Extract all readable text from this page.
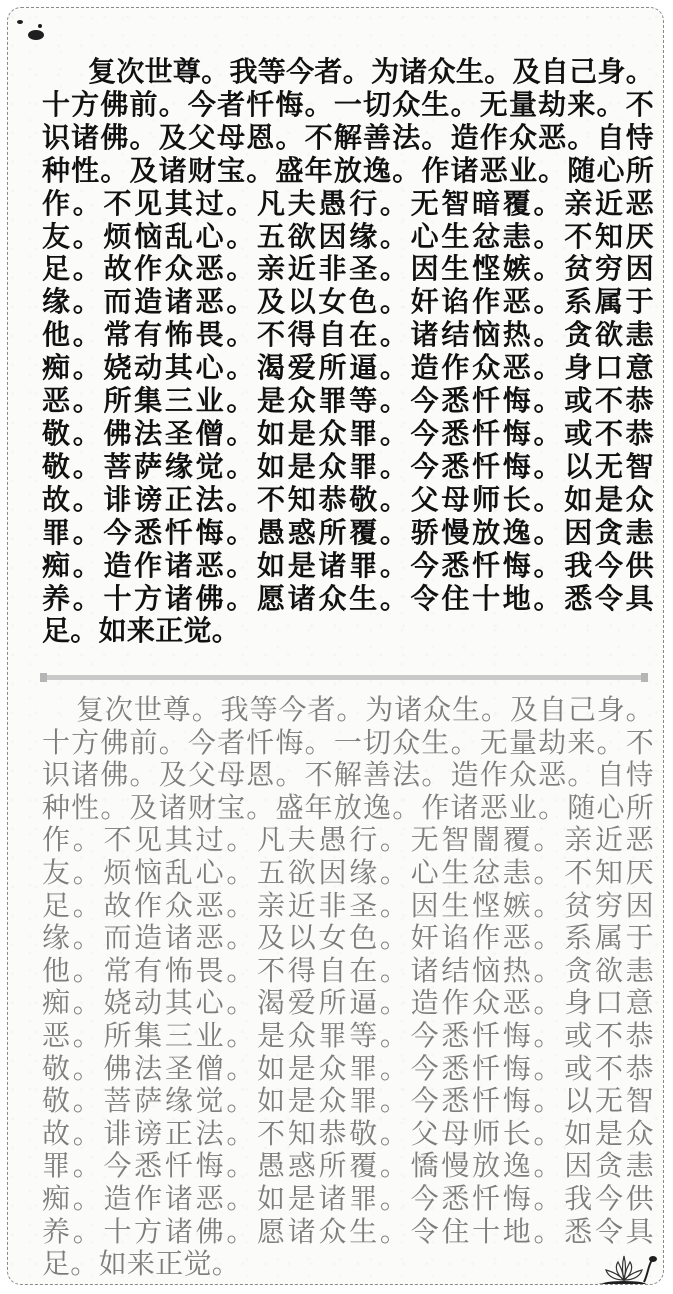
复次世尊。我等今者。为诸众生。及自己身。十方佛前。今者忏悔。一切众生。无量劫来。不识诸佛。及父母恩。不解善法。造作众恶。自恃种性。及诸财宝。盛年放逸。作诸恶业。随心所作。不见其过。凡夫愚行。无智暗覆。亲近恶友。烦恼乱心。五欲因缘。心生忿恚。不知厌足。故作众恶。亲近非圣。因生悭嫉。贫穷因缘。而造诸恶。及以女色。奸谄作恶。系属于他。常有怖畏。不得自在。诸结恼热。贪欲恚痴。娆动其心。渴爱所逼。造作众恶。身口意恶。所集三业。是众罪等。今悉忏悔。或不恭敬。佛法圣僧。如是众罪。今悉忏悔。或不恭敬。菩萨缘觉。如是众罪。今悉忏悔。以无智故。诽谤正法。不知恭敬。父母师长。如是众罪。今悉忏悔。愚惑所覆。骄慢放逸。因贪恚痴。造作诸恶。如是诸罪。今悉忏悔。我今供养。十方诸佛。愿诸众生。令住十地。悉令具足。如来正觉。
复次世尊。我等今者。为诸众生。及自己身。十方佛前。今者忏悔。一切众生。无量劫来。不识诸佛。及父母恩。不解善法。造作众恶。自恃种性。及诸财宝。盛年放逸。作诸恶业。随心所作。不见其过。凡夫愚行。无智闇覆。亲近恶友。烦恼乱心。五欲因缘。心生忿恚。不知厌足。故作众恶。亲近非圣。因生悭嫉。贫穷因缘。而造诸恶。及以女色。奸谄作恶。系属于他。常有怖畏。不得自在。诸结恼热。贪欲恚痴。娆动其心。渴爱所逼。造作众恶。身口意恶。所集三业。是众罪等。今悉忏悔。或不恭敬。佛法圣僧。如是众罪。今悉忏悔。或不恭敬。菩萨缘觉。如是众罪。今悉忏悔。以无智故。诽谤正法。不知恭敬。父母师长。如是众罪。今悉忏悔。愚惑所覆。憍慢放逸。因贪恚痴。造作诸恶。如是诸罪。今悉忏悔。我今供养。十方诸佛。愿诸众生。令住十地。悉令具足。如来正觉。
